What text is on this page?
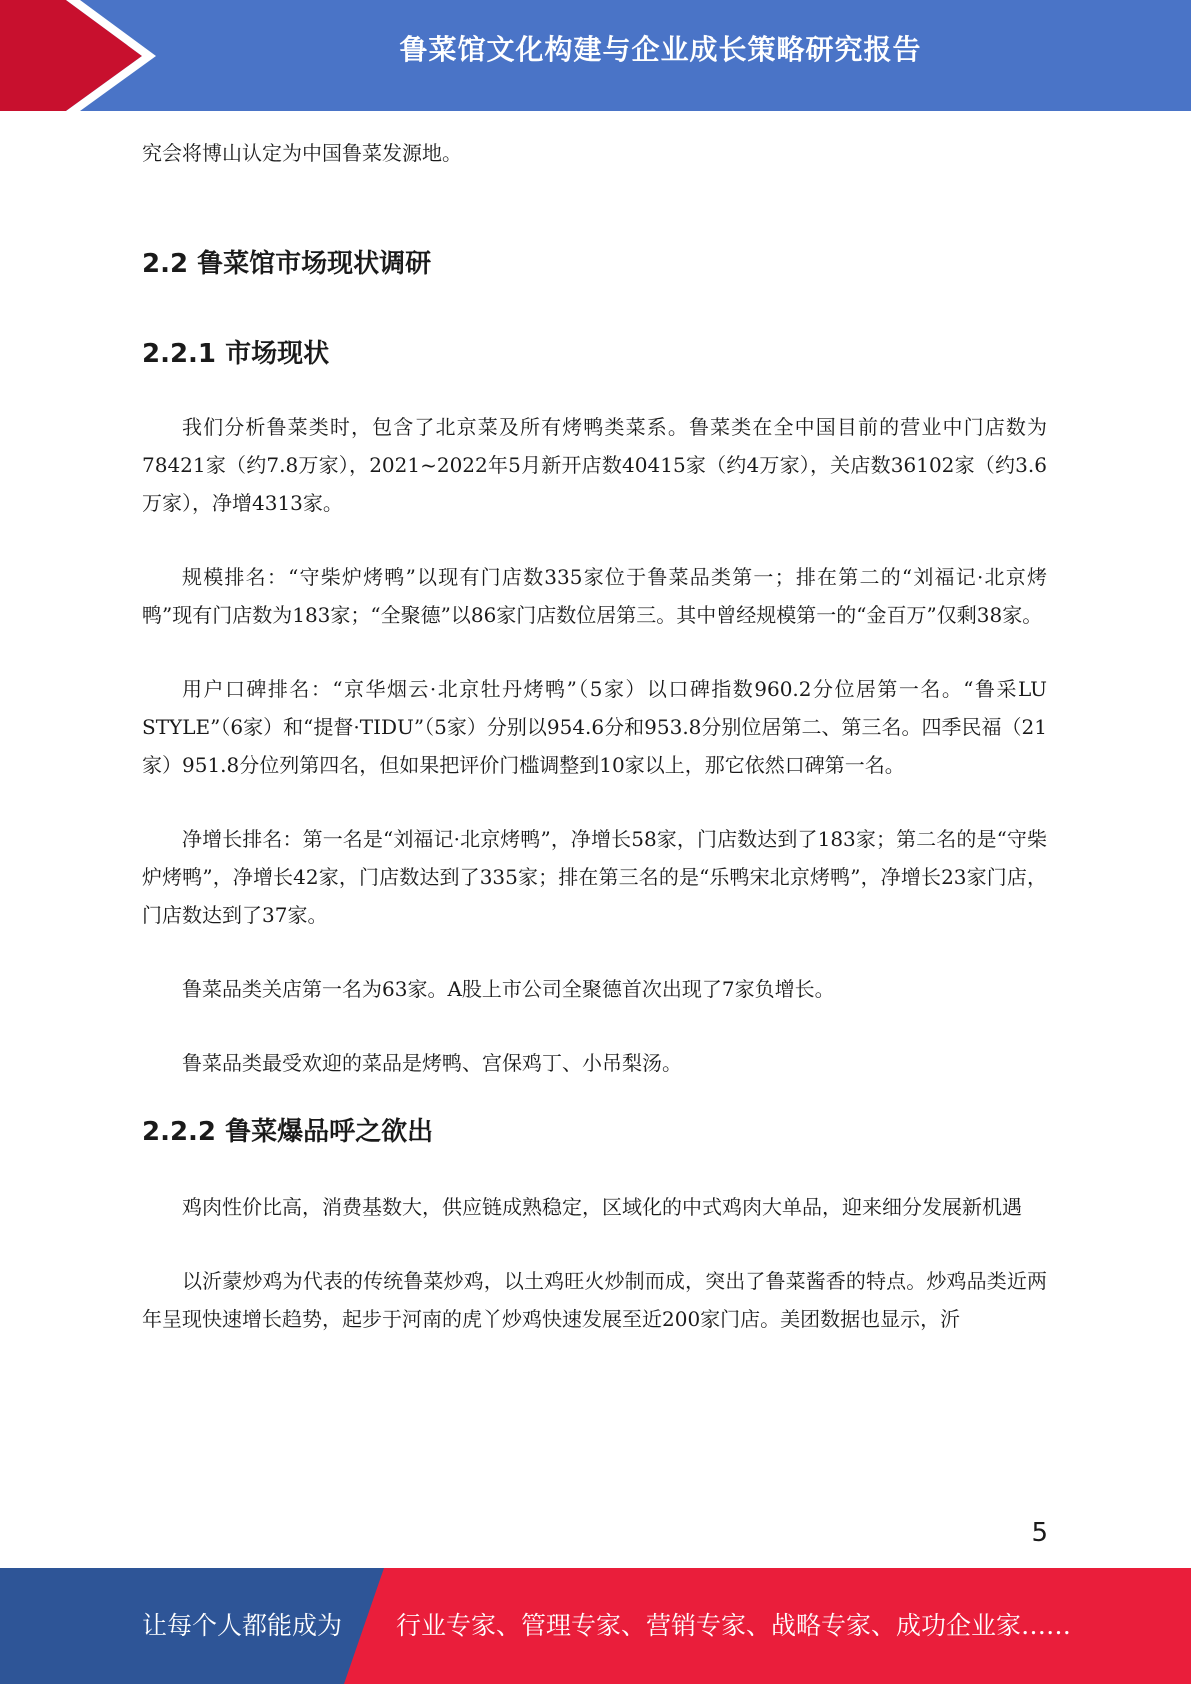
鲁菜馆文化构建与企业成长策略研究报告

究会将博山认定为中国鲁菜发源地。

2.2 鲁菜馆市场现状调研
2.2.1 市场现状

我们分析鲁菜类时，包含了北京菜及所有烤鸭类菜系。鲁菜类在全中国目前的营业中门店数为78421家（约7.8万家），2021~2022年5月新开店数40415家（约4万家），关店数36102家（约3.6万家），净增4313家。

规模排名：“守柴炉烤鸭”以现有门店数335家位于鲁菜品类第一；排在第二的“刘福记·北京烤鸭”现有门店数为183家；“全聚德”以86家门店数位居第三。其中曾经规模第一的“金百万”仅剩38家。

用户口碑排名：“京华烟云·北京牡丹烤鸭”（5家）以口碑指数960.2分位居第一名。“鲁采LU STYLE”（6家）和“提督·TIDU”（5家）分别以954.6分和953.8分别位居第二、第三名。四季民福（21家）951.8分位列第四名，但如果把评价门槛调整到10家以上，那它依然口碑第一名。

净增长排名：第一名是“刘福记·北京烤鸭”，净增长58家，门店数达到了183家；第二名的是“守柴炉烤鸭”，净增长42家，门店数达到了335家；排在第三名的是“乐鸭宋北京烤鸭”，净增长23家门店，门店数达到了37家。

鲁菜品类关店第一名为63家。A股上市公司全聚德首次出现了7家负增长。

鲁菜品类最受欢迎的菜品是烤鸭、宫保鸡丁、小吊梨汤。

2.2.2 鲁菜爆品呼之欲出

鸡肉性价比高，消费基数大，供应链成熟稳定，区域化的中式鸡肉大单品，迎来细分发展新机遇

以沂蒙炒鸡为代表的传统鲁菜炒鸡，以土鸡旺火炒制而成，突出了鲁菜酱香的特点。炒鸡品类近两年呈现快速增长趋势，起步于河南的虎丫炒鸡快速发展至近200家门店。美团数据也显示，沂

5
让每个人都能成为 行业专家、管理专家、营销专家、战略专家、成功企业家……
